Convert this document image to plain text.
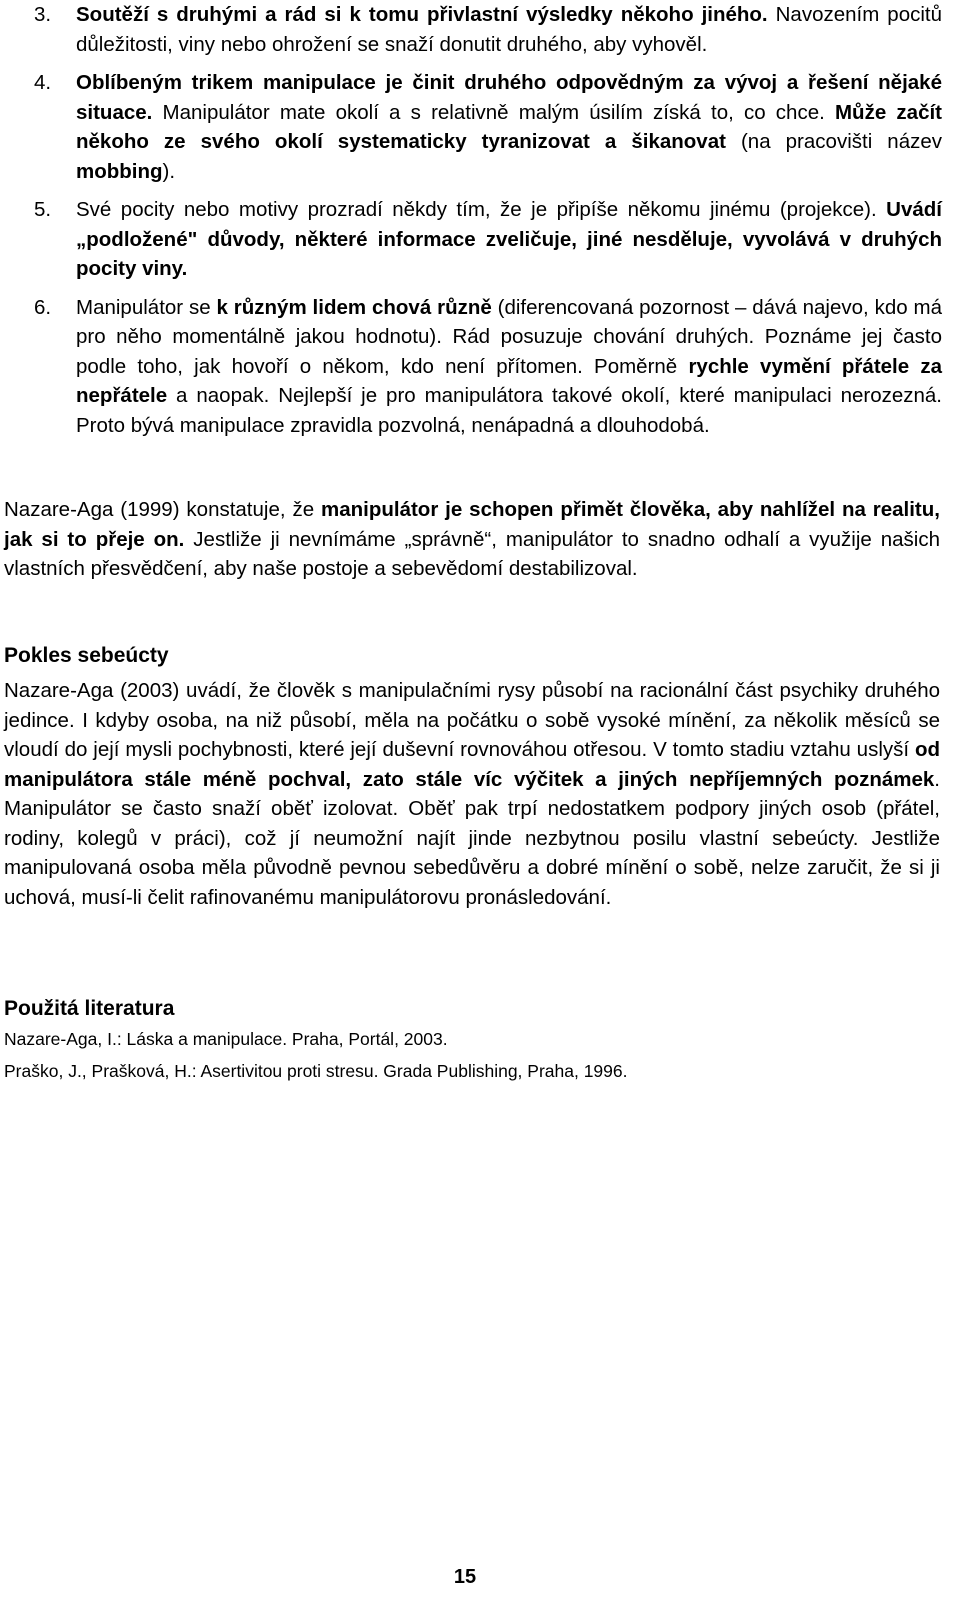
3.	Soutěží s druhými a rád si k tomu přivlastní výsledky někoho jiného. Navozením pocitů důležitosti, viny nebo ohrožení se snaží donutit druhého, aby vyhověl.
4.	Oblíbeným trikem manipulace je činit druhého odpovědným za vývoj a řešení nějaké situace. Manipulátor mate okolí a s relativně malým úsilím získá to, co chce. Může začít někoho ze svého okolí systematicky tyranizovat a šikanovat (na pracovišti název mobbing).
5.	Své pocity nebo motivy prozradí někdy tím, že je připíše někomu jinému (projekce). Uvádí „podložené" důvody, některé informace zveličuje, jiné nesděluje, vyvolává v druhých pocity viny.
6.	Manipulátor se k různým lidem chová různě (diferencovaná pozornost – dává najevo, kdo má pro něho momentálně jakou hodnotu). Rád posuzuje chování druhých. Poznáme jej často podle toho, jak hovoří o někom, kdo není přítomen. Poměrně rychle vymění přátele za nepřátele a naopak. Nejlepší je pro manipulátora takové okolí, které manipulaci nerozezná. Proto bývá manipulace zpravidla pozvolná, nenápadná a dlouhodobá.

Nazare-Aga (1999) konstatuje, že manipulátor je schopen přimět člověka, aby nahlížel na realitu, jak si to přeje on. Jestliže ji nevnímáme „správně“, manipulátor to snadno odhalí a využije našich vlastních přesvědčení, aby naše postoje a sebevědomí destabilizoval.

Pokles sebeúcty

Nazare-Aga (2003) uvádí, že člověk s manipulačními rysy působí na racionální část psychiky druhého jedince. I kdyby osoba, na niž působí, měla na počátku o sobě vysoké mínění, za několik měsíců se vloudí do její mysli pochybnosti, které její duševní rovnováhou otřesou. V tomto stadiu vztahu uslyší od manipulátora stále méně pochval, zato stále víc výčitek a jiných nepříjemných poznámek. Manipulátor se často snaží oběť izolovat. Oběť pak trpí nedostatkem podpory jiných osob (přátel, rodiny, kolegů v práci), což jí neumožní najít jinde nezbytnou posilu vlastní sebeúcty. Jestliže manipulovaná osoba měla původně pevnou sebedůvěru a dobré mínění o sobě, nelze zaručit, že si ji uchová, musí-li čelit rafinovanému manipulátorovu pronásledování.

Použitá literatura

Nazare-Aga, I.: Láska a manipulace. Praha, Portál, 2003.

Praško, J., Prašková, H.: Asertivitou proti stresu. Grada Publishing, Praha, 1996.

15
